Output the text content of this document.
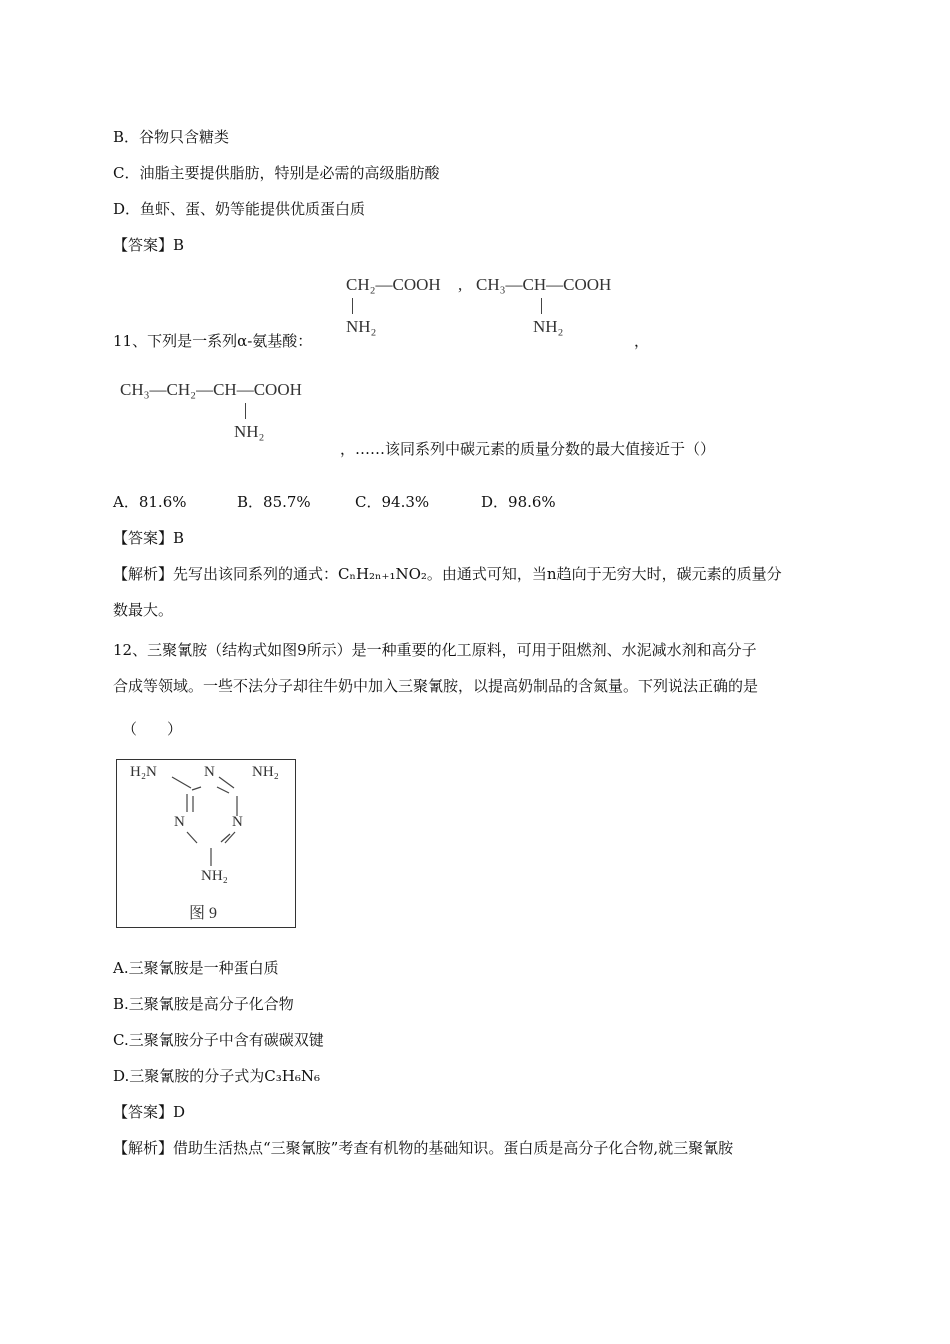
B．谷物只含糖类
C．油脂主要提供脂肪，特别是必需的高级脂肪酸
D．鱼虾、蛋、奶等能提供优质蛋白质
【答案】B
CH₂—COOH
NH₂
, CH₃—CH—COOH
NH₂
11、下列是一系列α-氨基酸：	，
CH₃—CH₂—CH—COOH
NH₂
，……该同系列中碳元素的质量分数的最大值接近于（）
A．81.6%	B．85.7%	C．94.3%	D．98.6%
【答案】B
【解析】先写出该同系列的通式：CₙH₂ₙ₊₁NO₂。由通式可知，当n趋向于无穷大时，碳元素的质量分
数最大。
12、三聚氰胺（结构式如图9所示）是一种重要的化工原料，可用于阻燃剂、水泥减水剂和高分子
合成等领域。一些不法分子却往牛奶中加入三聚氰胺，以提高奶制品的含氮量。下列说法正确的是
（　　）
H₂N	N NH₂
N	N
NH₂
图 9
A.三聚氰胺是一种蛋白质
B.三聚氰胺是高分子化合物
C.三聚氰胺分子中含有碳碳双键
D.三聚氰胺的分子式为C₃H₆N₆
【答案】D
【解析】借助生活热点“三聚氰胺”考查有机物的基础知识。蛋白质是高分子化合物,就三聚氰胺
